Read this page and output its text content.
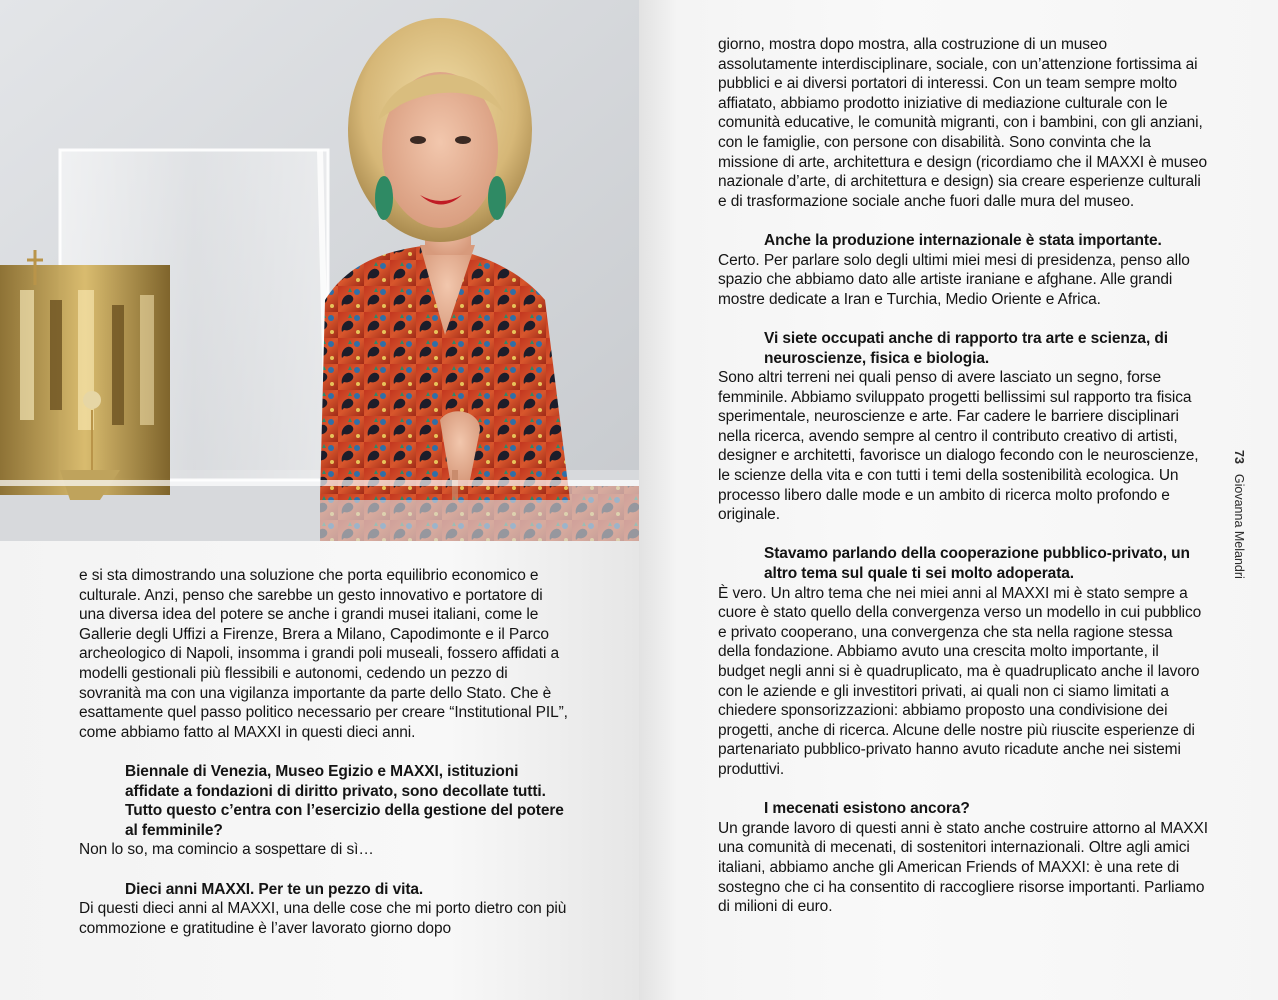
e si sta dimostrando una soluzione che porta equilibrio economico e culturale. Anzi, penso che sarebbe un gesto innovativo e portatore di una diversa idea del potere se anche i grandi musei italiani, come le Gallerie degli Uffizi a Firenze, Brera a Milano, Capodimonte e il Parco archeologico di Napoli, insomma i grandi poli museali, fossero affidati a modelli gestionali più flessibili e autonomi, cedendo un pezzo di sovranità ma con una vigilanza importante da parte dello Stato. Che è esattamente quel passo politico necessario per creare “Institutional PIL”, come abbiamo fatto al MAXXI in questi dieci anni.

Biennale di Venezia, Museo Egizio e MAXXI, istituzioni affidate a fondazioni di diritto privato, sono decollate tutti. Tutto questo c’entra con l’esercizio della gestione del potere al femminile?

Non lo so, ma comincio a sospettare di sì…

Dieci anni MAXXI. Per te un pezzo di vita.

Di questi dieci anni al MAXXI, una delle cose che mi porto dietro con più commozione e gratitudine è l’aver lavorato giorno dopo

giorno, mostra dopo mostra, alla costruzione di un museo assolutamente interdisciplinare, sociale, con un’attenzione fortissima ai pubblici e ai diversi portatori di interessi. Con un team sempre molto affiatato, abbiamo prodotto iniziative di mediazione culturale con le comunità educative, le comunità migranti, con i bambini, con gli anziani, con le famiglie, con persone con disabilità. Sono convinta che la missione di arte, architettura e design (ricordiamo che il MAXXI è museo nazionale d’arte, di architettura e design) sia creare esperienze culturali e di trasformazione sociale anche fuori dalle mura del museo.

Anche la produzione internazionale è stata importante.

Certo. Per parlare solo degli ultimi miei mesi di presidenza, penso allo spazio che abbiamo dato alle artiste iraniane e afghane. Alle grandi mostre dedicate a Iran e Turchia, Medio Oriente e Africa.

Vi siete occupati anche di rapporto tra arte e scienza, di neuroscienze, fisica e biologia.

Sono altri terreni nei quali penso di avere lasciato un segno, forse femminile. Abbiamo sviluppato progetti bellissimi sul rapporto tra fisica sperimentale, neuroscienze e arte. Far cadere le barriere disciplinari nella ricerca, avendo sempre al centro il contributo creativo di artisti, designer e architetti, favorisce un dialogo fecondo con le neuroscienze, le scienze della vita e con tutti i temi della sostenibilità ecologica. Un processo libero dalle mode e un ambito di ricerca molto profondo e originale.

Stavamo parlando della cooperazione pubblico-privato, un altro tema sul quale ti sei molto adoperata.

È vero. Un altro tema che nei miei anni al MAXXI mi è stato sempre a cuore è stato quello della convergenza verso un modello in cui pubblico e privato cooperano, una convergenza che sta nella ragione stessa della fondazione. Abbiamo avuto una crescita molto importante, il budget negli anni si è quadruplicato, ma è quadruplicato anche il lavoro con le aziende e gli investitori privati, ai quali non ci siamo limitati a chiedere sponsorizzazioni: abbiamo proposto una condivisione dei progetti, anche di ricerca. Alcune delle nostre più riuscite esperienze di partenariato pubblico-privato hanno avuto ricadute anche nei sistemi produttivi.

I mecenati esistono ancora?

Un grande lavoro di questi anni è stato anche costruire attorno al MAXXI una comunità di mecenati, di sostenitori internazionali. Oltre agli amici italiani, abbiamo anche gli American Friends of MAXXI: è una rete di sostegno che ci ha consentito di raccogliere risorse importanti. Parliamo di milioni di euro.

73Giovanna Melandri
